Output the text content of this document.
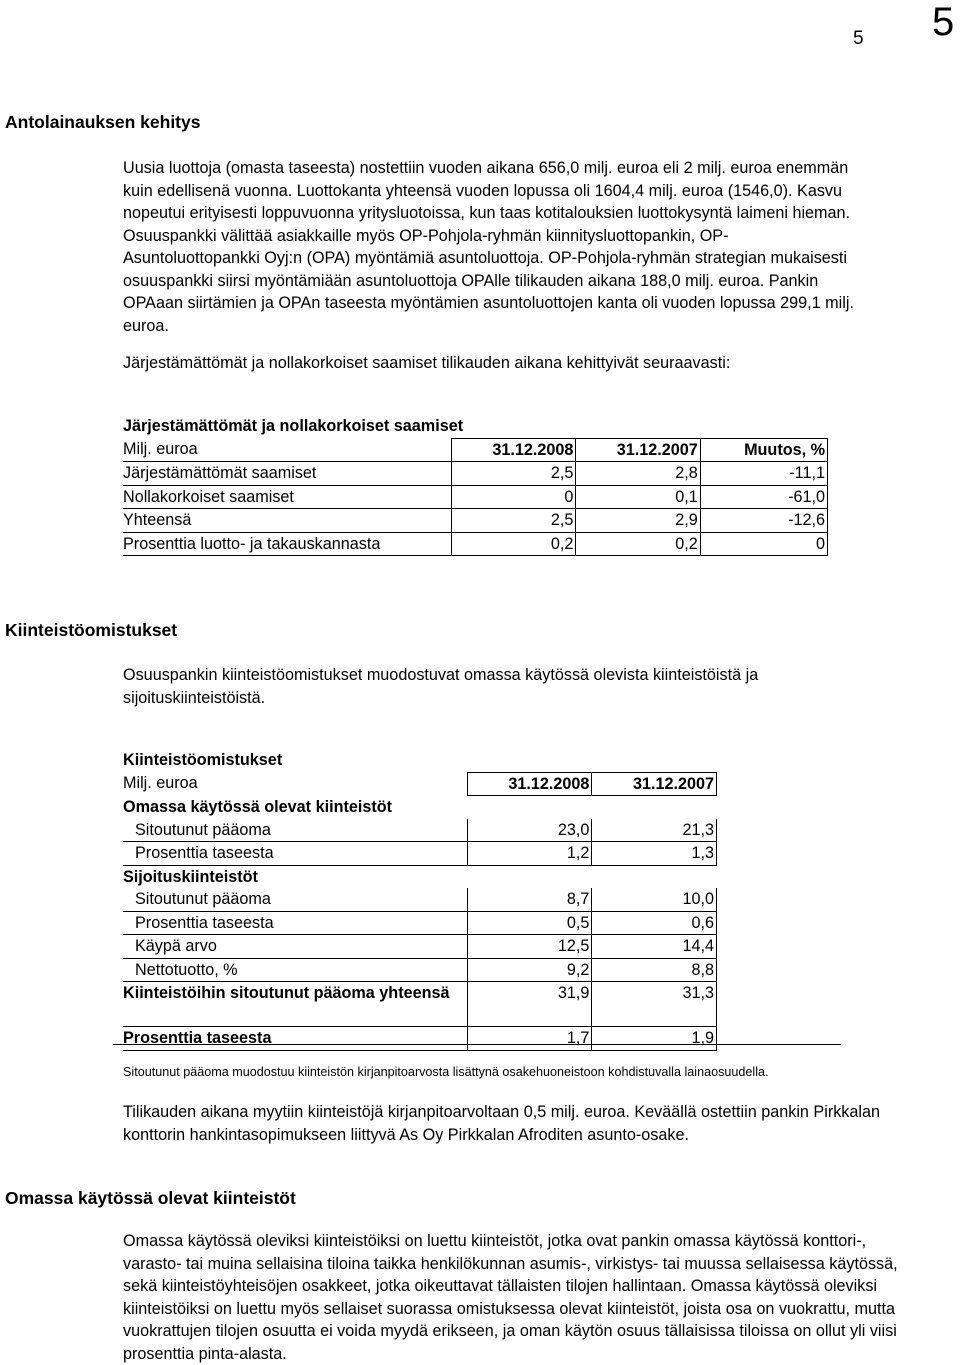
5 5
Antolainauksen kehitys

Uusia luottoja (omasta taseesta) nostettiin vuoden aikana 656,0 milj. euroa eli 2 milj. euroa enemmän kuin edellisenä vuonna. Luottokanta yhteensä vuoden lopussa oli 1604,4 milj. euroa (1546,0). Kasvu nopeutui erityisesti loppuvuonna yritysluotoissa, kun taas kotitalouksien luottokysyntä laimeni hieman. Osuuspankki välittää asiakkaille myös OP-Pohjola-ryhmän kiinnitysluottopankin, OP-Asuntoluottopankki Oyj:n (OPA) myöntämiä asuntoluottoja. OP-Pohjola-ryhmän strategian mukaisesti osuuspankki siirsi myöntämiään asuntoluottoja OPAlle tilikauden aikana 188,0 milj. euroa. Pankin OPAaan siirtämien ja OPAn taseesta myöntämien asuntoluottojen kanta oli vuoden lopussa 299,1 milj. euroa.

Järjestämättömät ja nollakorkoiset saamiset tilikauden aikana kehittyivät seuraavasti:

Järjestämättömät ja nollakorkoiset saamiset			
Milj. euroa	31.12.2008	31.12.2007	Muutos, %
Järjestämättömät saamiset	2,5	2,8	-11,1
Nollakorkoiset saamiset	0	0,1	-61,0
Yhteensä	2,5	2,9	-12,6
Prosenttia luotto- ja takauskannasta	0,2	0,2	0
Kiinteistöomistukset

Osuuspankin kiinteistöomistukset muodostuvat omassa käytössä olevista kiinteistöistä ja sijoituskiinteistöistä.

Kiinteistöomistukset		
Milj. euroa	31.12.2008	31.12.2007
Omassa käytössä olevat kiinteistöt		
Sitoutunut pääoma	23,0	21,3
Prosenttia taseesta	1,2	1,3
Sijoituskiinteistöt		
Sitoutunut pääoma	8,7	10,0
Prosenttia taseesta	0,5	0,6
Käypä arvo	12,5	14,4
Nettotuotto, %	9,2	8,8
Kiinteistöihin sitoutunut pääoma yhteensä	31,9	31,3
Prosenttia taseesta	1,7	1,9

Sitoutunut pääoma muodostuu kiinteistön kirjanpitoarvosta lisättynä osakehuoneistoon kohdistuvalla lainaosuudella.

Tilikauden aikana myytiin kiinteistöjä kirjanpitoarvoltaan 0,5 milj. euroa. Keväällä ostettiin pankin Pirkkalan konttorin hankintasopimukseen liittyvä As Oy Pirkkalan Afroditen asunto-osake.

Omassa käytössä olevat kiinteistöt

Omassa käytössä oleviksi kiinteistöiksi on luettu kiinteistöt, jotka ovat pankin omassa käytössä konttori-, varasto- tai muina sellaisina tiloina taikka henkilökunnan asumis-, virkistys- tai muussa sellaisessa käytössä, sekä kiinteistöyhteisöjen osakkeet, jotka oikeuttavat tällaisten tilojen hallintaan. Omassa käytössä oleviksi kiinteistöiksi on luettu myös sellaiset suorassa omistuksessa olevat kiinteistöt, joista osa on vuokrattu, mutta vuokrattujen tilojen osuutta ei voida myydä erikseen, ja oman käytön osuus tällaisissa tiloissa on ollut yli viisi prosenttia pinta-alasta.
